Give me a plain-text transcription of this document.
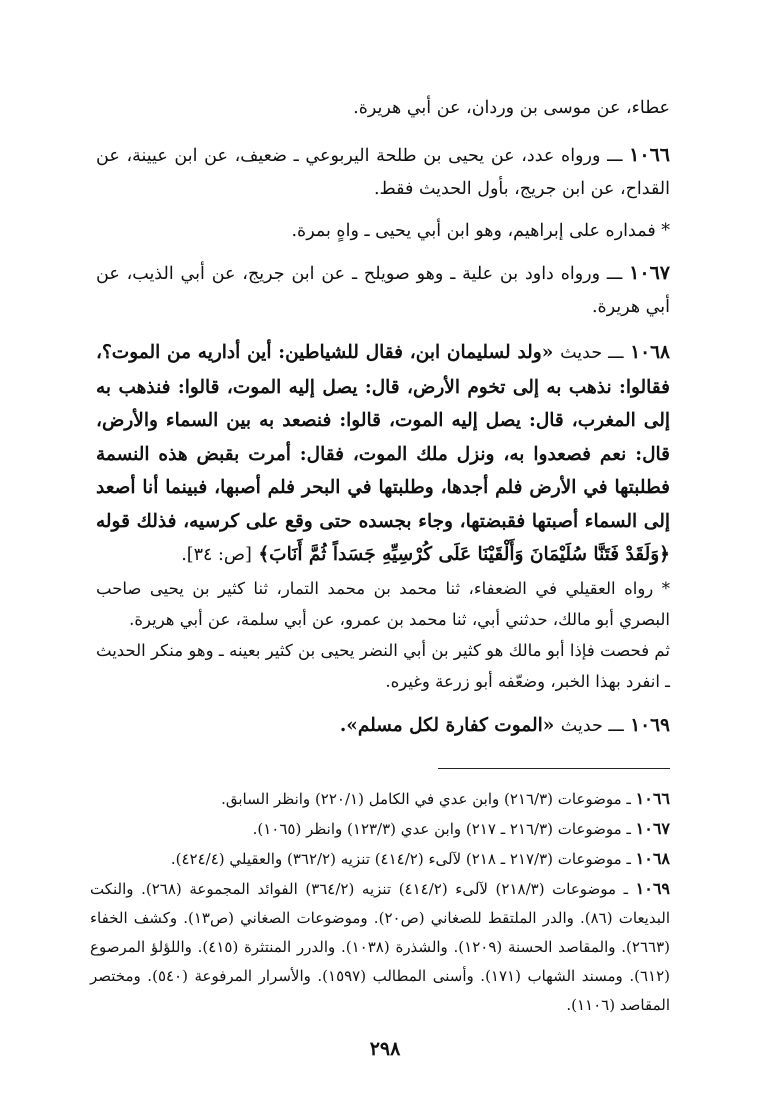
عطاء، عن موسى بن وردان، عن أبي هريرة.

١٠٦٦ ـــ ورواه عدد، عن يحيى بن طلحة اليربوعي ـ ضعيف، عن ابن عيينة، عن القداح، عن ابن جريج، بأول الحديث فقط.

* فمداره على إبراهيم، وهو ابن أبي يحيى ـ واهٍ بمرة.

١٠٦٧ ـــ ورواه داود بن علية ـ وهو صويلح ـ عن ابن جريج، عن أبي الذيب، عن أبي هريرة.

١٠٦٨ ـــ حديث «ولد لسليمان ابن، فقال للشياطين: أين أداريه من الموت؟، فقالوا: نذهب به إلى تخوم الأرض، قال: يصل إليه الموت، قالوا: فنذهب به إلى المغرب، قال: يصل إليه الموت، قالوا: فنصعد به بين السماء والأرض، قال: نعم فصعدوا به، ونزل ملك الموت، فقال: أمرت بقبض هذه النسمة فطلبتها في الأرض فلم أجدها، وطلبتها في البحر فلم أصبها، فبينما أنا أصعد إلى السماء أصبتها فقبضتها، وجاء بجسده حتى وقع على كرسيه، فذلك قوله ﴿وَلَقَدْ فَتَنَّا سُلَيْمَانَ وَأَلْقَيْنَا عَلَى كُرْسِيِّهِ جَسَداً ثُمَّ أَنَابَ﴾ [ص: ٣٤].

* رواه العقيلي في الضعفاء، ثنا محمد بن محمد التمار، ثنا كثير بن يحيى صاحب البصري أبو مالك، حدثني أبي، ثنا محمد بن عمرو، عن أبي سلمة، عن أبي هريرة.

ثم فحصت فإذا أبو مالك هو كثير بن أبي النضر يحيى بن كثير بعينه ـ وهو منكر الحديث ـ انفرد بهذا الخبر، وضعّفه أبو زرعة وغيره.

١٠٦٩ ـــ حديث «الموت كفارة لكل مسلم».

١٠٦٦ ـ موضوعات (٢١٦/٣) وابن عدي في الكامل (٢٢٠/١) وانظر السابق.

١٠٦٧ ـ موضوعات (٢١٦/٣ ـ ٢١٧) وابن عدي (١٢٣/٣) وانظر (١٠٦٥).

١٠٦٨ ـ موضوعات (٢١٧/٣ ـ ٢١٨) لآلىء (٤١٤/٢) تنزيه (٣٦٢/٢) والعقيلي (٤٢٤/٤).

١٠٦٩ ـ موضوعات (٢١٨/٣) لآلىء (٤١٤/٢) تنزيه (٣٦٤/٢) الفوائد المجموعة (٢٦٨). والنكت البديعات (٨٦). والدر الملتقط للصغاني (ص٢٠). وموضوعات الصغاني (ص١٣). وكشف الخفاء (٢٦٦٣). والمقاصد الحسنة (١٢٠٩). والشذرة (١٠٣٨). والدرر المنتثرة (٤١٥). واللؤلؤ المرصوع (٦١٢). ومسند الشهاب (١٧١). وأسنى المطالب (١٥٩٧). والأسرار المرفوعة (٥٤٠). ومختصر المقاصد (١١٠٦).

٢٩٨
